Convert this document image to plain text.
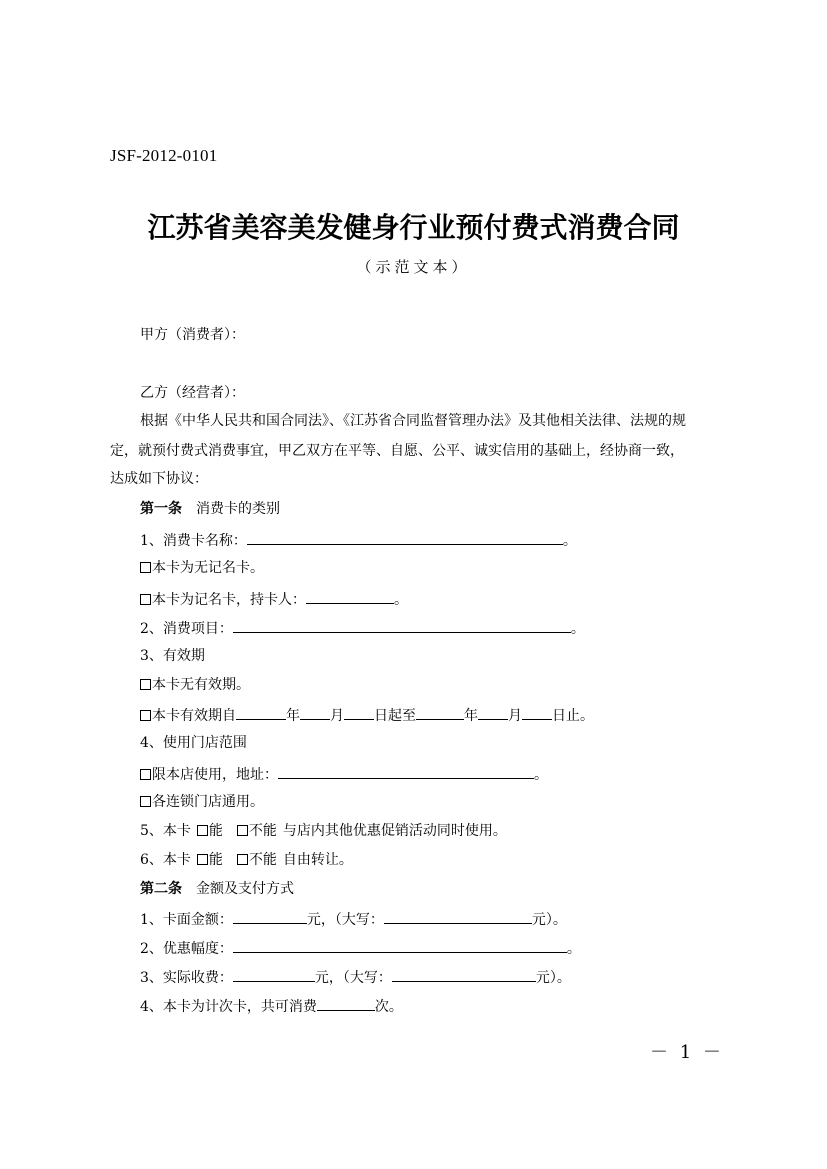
JSF-2012-0101
江苏省美容美发健身行业预付费式消费合同
（示范文本）
甲方（消费者）：
乙方（经营者）：
根据《中华人民共和国合同法》、《江苏省合同监督管理办法》及其他相关法律、法规的规
定，就预付费式消费事宜，甲乙双方在平等、自愿、公平、诚实信用的基础上，经协商一致，
达成如下协议：
第一条 消费卡的类别
1、消费卡名称：	。
本卡为无记名卡。
本卡为记名卡，持卡人：	。
2、消费项目：	。
3、有效期
本卡无有效期。
本卡有效期自	年 月 日起至	年 月 日止。
4、使用门店范围
限本店使用，地址：	。
各连锁门店通用。
5、本卡 能 不能 与店内其他优惠促销活动同时使用。
6、本卡 能 不能 自由转让。
第二条 金额及支付方式
1、卡面金额：	元，（大写：	元）。
2、优惠幅度：	。
3、实际收费：	元，（大写：	元）。
4、本卡为计次卡，共可消费	次。
－ 1 －
